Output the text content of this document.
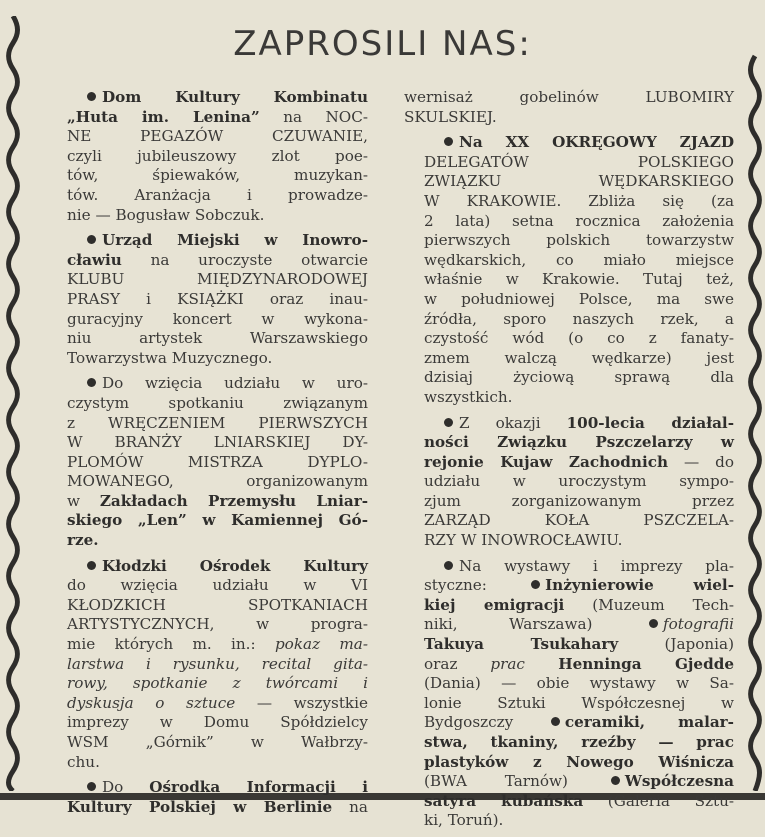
ZAPROSILI NAS:
Dom Kultury Kombinatu
„Huta im. Lenina” na NOC-
NE PEGAZÓW CZUWANIE,
czyli jubileuszowy zlot poe-
tów, śpiewaków, muzykan-
tów. Aranżacja i prowadze-
nie — Bogusław Sobczuk.
Urząd Miejski w Inowro-
cławiu na uroczyste otwarcie
KLUBU MIĘDZYNARODOWEJ
PRASY i KSIĄŻKI oraz inau-
guracyjny koncert w wykona-
niu artystek Warszawskiego
Towarzystwa Muzycznego.
Do wzięcia udziału w uro-
czystym spotkaniu związanym
z WRĘCZENIEM PIERWSZYCH
W BRANŻY LNIARSKIEJ DY-
PLOMÓW MISTRZA DYPLO-
MOWANEGO, organizowanym
w Zakładach Przemysłu Lniar-
skiego „Len” w Kamiennej Gó-
rze.
Kłodzki Ośrodek Kultury
do wzięcia udziału w VI
KŁODZKICH SPOTKANIACH
ARTYSTYCZNYCH, w progra-
mie których m. in.: pokaz ma-
larstwa i rysunku, recital gita-
rowy, spotkanie z twórcami i
dyskusja o sztuce — wszystkie
imprezy w Domu Spółdzielcy
WSM „Górnik” w Wałbrzy-
chu.
Do Ośrodka Informacji i
Kultury Polskiej w Berlinie na
wernisaż gobelinów LUBOMIRY
SKULSKIEJ.
Na XX OKRĘGOWY ZJAZD
DELEGATÓW POLSKIEGO
ZWIĄZKU WĘDKARSKIEGO
W KRAKOWIE. Zbliża się (za
2 lata) setna rocznica założenia
pierwszych polskich towarzystw
wędkarskich, co miało miejsce
właśnie w Krakowie. Tutaj też,
w południowej Polsce, ma swe
źródła, sporo naszych rzek, a
czystość wód (o co z fanaty-
zmem walczą wędkarze) jest
dzisiaj życiową sprawą dla
wszystkich.
Z okazji 100-lecia działal-
ności Związku Pszczelarzy w
rejonie Kujaw Zachodnich — do
udziału w uroczystym sympo-
zjum zorganizowanym przez
ZARZĄD KOŁA PSZCZELA-
RZY W INOWROCŁAWIU.
Na wystawy i imprezy pla-
styczne: Inżynierowie wiel-
kiej emigracji (Muzeum Tech-
niki, Warszawa) fotografii
Takuya Tsukahary (Japonia)
oraz prac Henninga Gjedde
(Dania) — obie wystawy w Sa-
lonie Sztuki Współczesnej w
Bydgoszczy ceramiki, malar-
stwa, tkaniny, rzeźby — prac
plastyków z Nowego Wiśnicza
(BWA Tarnów) Współczesna
satyra kubańska (Galeria Sztu-
ki, Toruń).
